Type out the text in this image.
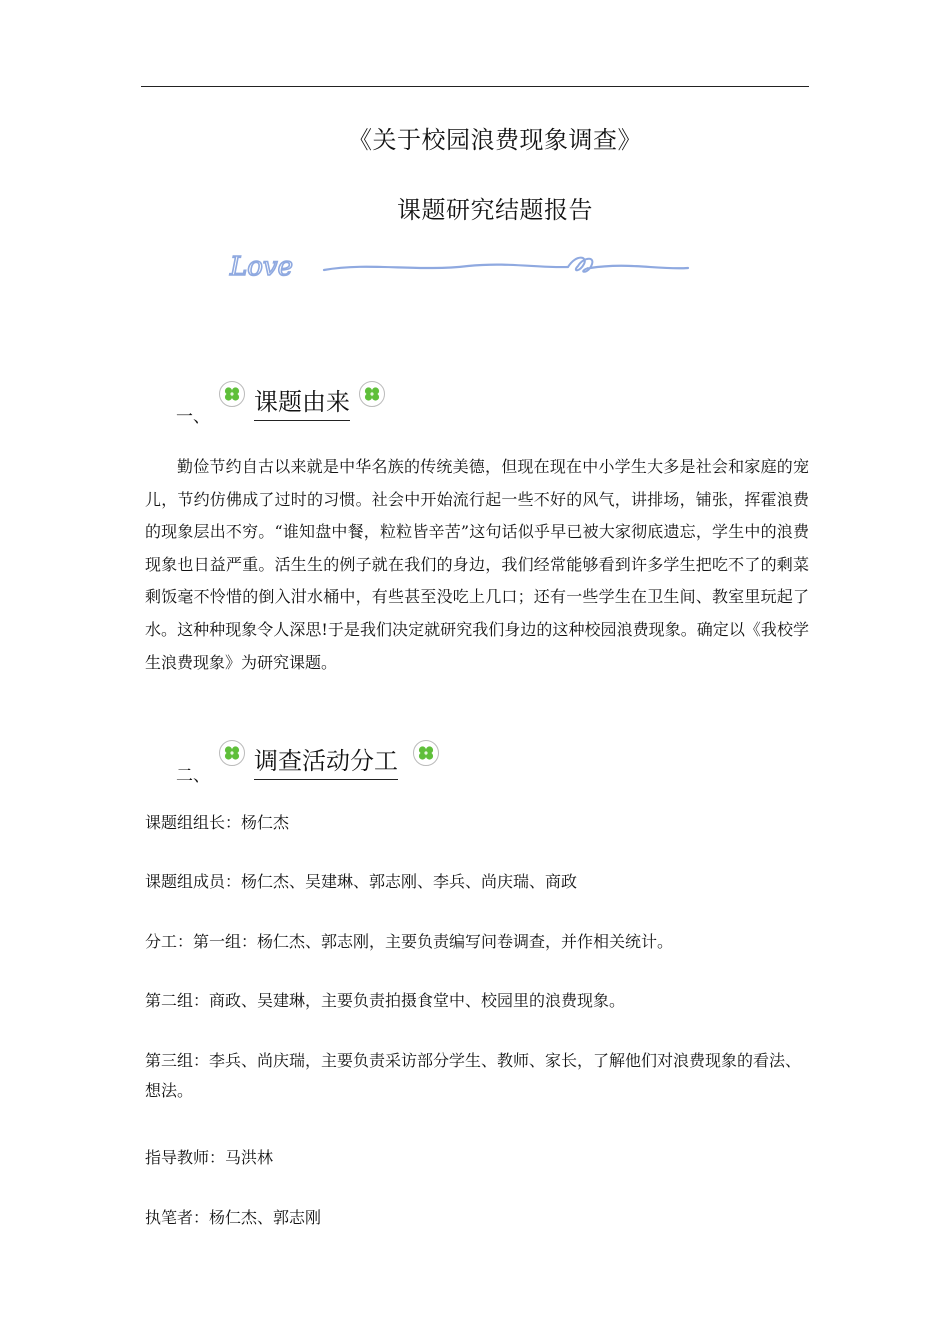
《关于校园浪费现象调查》
课题研究结题报告
Love
一、
课题由来
勤俭节约自古以来就是中华名族的传统美德，但现在现在中小学生大多是社会和家庭的宠儿，节约仿佛成了过时的习惯。社会中开始流行起一些不好的风气，讲排场，铺张，挥霍浪费的现象层出不穷。“谁知盘中餐，粒粒皆辛苦”这句话似乎早已被大家彻底遗忘，学生中的浪费现象也日益严重。活生生的例子就在我们的身边，我们经常能够看到许多学生把吃不了的剩菜剩饭毫不怜惜的倒入泔水桶中，有些甚至没吃上几口；还有一些学生在卫生间、教室里玩起了水。这种种现象令人深思!于是我们决定就研究我们身边的这种校园浪费现象。确定以《我校学生浪费现象》为研究课题。
二、
调查活动分工
课题组组长：杨仁杰
课题组成员：杨仁杰、吴建琳、郭志刚、李兵、尚庆瑞、商政
分工：第一组：杨仁杰、郭志刚，主要负责编写问卷调查，并作相关统计。
第二组：商政、吴建琳，主要负责拍摄食堂中、校园里的浪费现象。
第三组：李兵、尚庆瑞，主要负责采访部分学生、教师、家长，了解他们对浪费现象的看法、想法。
指导教师：马洪林
执笔者：杨仁杰、郭志刚
